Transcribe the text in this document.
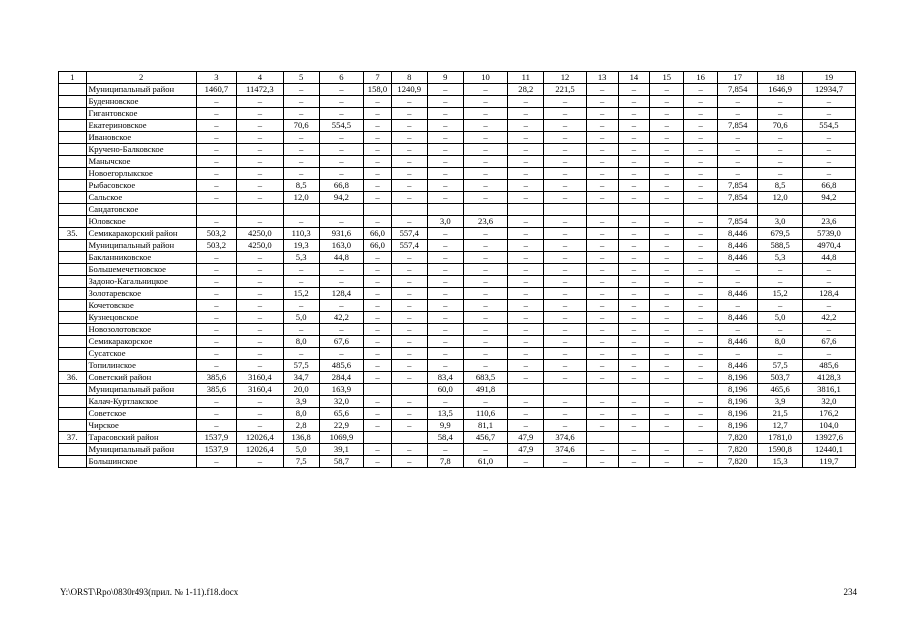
1	2	3	4	5	6	7	8	9	10	11	12	13	14	15	16	17	18	19
	Муниципальный район	1460,7	11472,3	–	–	158,0	1240,9	–	–	28,2	221,5	–	–	–	–	7,854	1646,9	12934,7
	Буденновское	–	–	–	–	–	–	–	–	–	–	–	–	–	–	–	–	–
	Гигантовское	–	–	–	–	–	–	–	–	–	–	–	–	–	–	–	–	–
	Екатериновское	–	–	70,6	554,5	–	–	–	–	–	–	–	–	–	–	7,854	70,6	554,5
	Ивановское	–	–	–	–	–	–	–	–	–	–	–	–	–	–	–	–	–
	Кручено-Балковское	–	–	–	–	–	–	–	–	–	–	–	–	–	–	–	–	–
	Манычское	–	–	–	–	–	–	–	–	–	–	–	–	–	–	–	–	–
	Новоегорлыкское	–	–	–	–	–	–	–	–	–	–	–	–	–	–	–	–	–
	Рыбасовское	–	–	8,5	66,8	–	–	–	–	–	–	–	–	–	–	7,854	8,5	66,8
	Сальское	–	–	12,0	94,2	–	–	–	–	–	–	–	–	–	–	7,854	12,0	94,2
	Сандатовское																	
	Юловское	–	–	–	–	–	–	3,0	23,6	–	–	–	–	–	–	7,854	3,0	23,6
35.	Семикаракорский район	503,2	4250,0	110,3	931,6	66,0	557,4	–	–	–	–	–	–	–	–	8,446	679,5	5739,0
	Муниципальный район	503,2	4250,0	19,3	163,0	66,0	557,4	–	–	–	–	–	–	–	–	8,446	588,5	4970,4
	Бакланниковское	–	–	5,3	44,8	–	–	–	–	–	–	–	–	–	–	8,446	5,3	44,8
	Большемечетновское	–	–	–	–	–	–	–	–	–	–	–	–	–	–	–	–	–
	Задоно-Кагальницкое	–	–	–	–	–	–	–	–	–	–	–	–	–	–	–	–	–
	Золотаревское	–	–	15,2	128,4	–	–	–	–	–	–	–	–	–	–	8,446	15,2	128,4
	Кочетовское	–	–	–	–	–	–	–	–	–	–	–	–	–	–	–	–	–
	Кузнецовское	–	–	5,0	42,2	–	–	–	–	–	–	–	–	–	–	8,446	5,0	42,2
	Новозолотовское	–	–	–	–	–	–	–	–	–	–	–	–	–	–	–	–	–
	Семикаракорское	–	–	8,0	67,6	–	–	–	–	–	–	–	–	–	–	8,446	8,0	67,6
	Сусатское	–	–	–	–	–	–	–	–	–	–	–	–	–	–	–	–	–
	Топилинское	–	–	57,5	485,6	–	–	–	–	–	–	–	–	–	–	8,446	57,5	485,6
36.	Советский район	385,6	3160,4	34,7	284,4	–	–	83,4	683,5	–	–	–	–	–	–	8,196	503,7	4128,3
	Муниципальный район	385,6	3160,4	20,0	163,9			60,0	491,8							8,196	465,6	3816,1
	Калач-Куртлакское	–	–	3,9	32,0	–	–	–	–	–	–	–	–	–	–	8,196	3,9	32,0
	Советское	–	–	8,0	65,6	–	–	13,5	110,6	–	–	–	–	–	–	8,196	21,5	176,2
	Чирское	–	–	2,8	22,9	–	–	9,9	81,1	–	–	–	–	–	–	8,196	12,7	104,0
37.	Тарасовский район	1537,9	12026,4	136,8	1069,9			58,4	456,7	47,9	374,6					7,820	1781,0	13927,6
	Муниципальный район	1537,9	12026,4	5,0	39,1	–	–	–	–	47,9	374,6	–	–	–	–	7,820	1590,8	12440,1
	Большинское	–	–	7,5	58,7	–	–	7,8	61,0	–	–	–	–	–	–	7,820	15,3	119,7
Y:\ORST\Rpo\0830r493(прил. № 1-11).f18.docx	234
